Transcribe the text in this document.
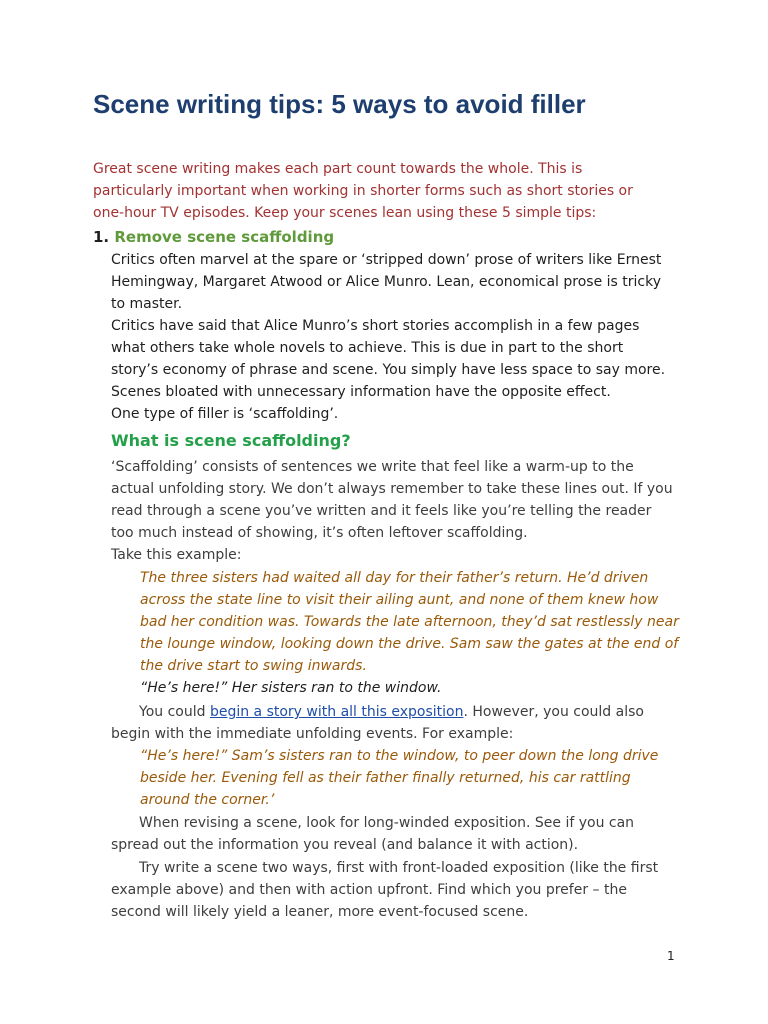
Scene writing tips: 5 ways to avoid filler

Great scene writing makes each part count towards the whole. This is particularly important when working in shorter forms such as short stories or one-hour TV episodes. Keep your scenes lean using these 5 simple tips:

1. Remove scene scaffolding

Critics often marvel at the spare or ‘stripped down’ prose of writers like Ernest Hemingway, Margaret Atwood or Alice Munro. Lean, economical prose is tricky to master.

Critics have said that Alice Munro’s short stories accomplish in a few pages what others take whole novels to achieve. This is due in part to the short story’s economy of phrase and scene. You simply have less space to say more.

Scenes bloated with unnecessary information have the opposite effect.

One type of filler is ‘scaffolding’.

What is scene scaffolding?

‘Scaffolding’ consists of sentences we write that feel like a warm-up to the actual unfolding story. We don’t always remember to take these lines out. If you read through a scene you’ve written and it feels like you’re telling the reader too much instead of showing, it’s often leftover scaffolding.

Take this example:

The three sisters had waited all day for their father’s return. He’d driven across the state line to visit their ailing aunt, and none of them knew how bad her condition was. Towards the late afternoon, they’d sat restlessly near the lounge window, looking down the drive. Sam saw the gates at the end of the drive start to swing inwards.
“He’s here!” Her sisters ran to the window.

You could begin a story with all this exposition. However, you could also begin with the immediate unfolding events. For example:

“He’s here!” Sam’s sisters ran to the window, to peer down the long drive beside her. Evening fell as their father finally returned, his car rattling around the corner.’

When revising a scene, look for long-winded exposition. See if you can spread out the information you reveal (and balance it with action).

Try write a scene two ways, first with front-loaded exposition (like the first example above) and then with action upfront. Find which you prefer – the second will likely yield a leaner, more event-focused scene.

1
